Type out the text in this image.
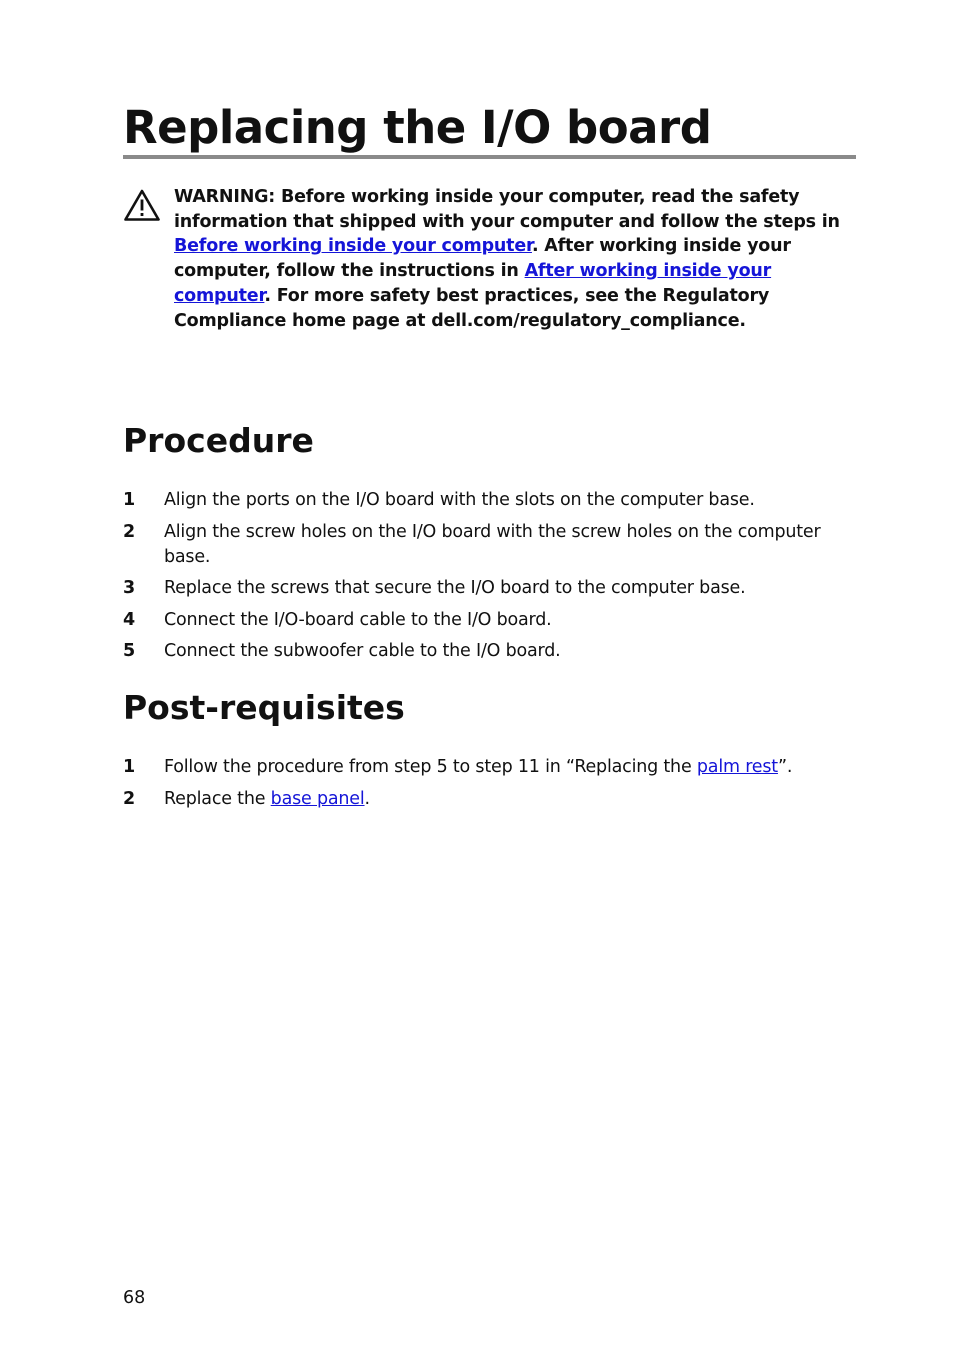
Replacing the I/O board

WARNING: Before working inside your computer, read the safety information that shipped with your computer and follow the steps in Before working inside your computer. After working inside your computer, follow the instructions in After working inside your computer. For more safety best practices, see the Regulatory Compliance home page at dell.com/regulatory_compliance.

Procedure
1	Align the ports on the I/O board with the slots on the computer base.
2	Align the screw holes on the I/O board with the screw holes on the computer base.
3	Replace the screws that secure the I/O board to the computer base.
4	Connect the I/O-board cable to the I/O board.
5	Connect the subwoofer cable to the I/O board.
Post-requisites
1	Follow the procedure from step 5 to step 11 in “Replacing the palm rest”.
2	Replace the base panel.
68
